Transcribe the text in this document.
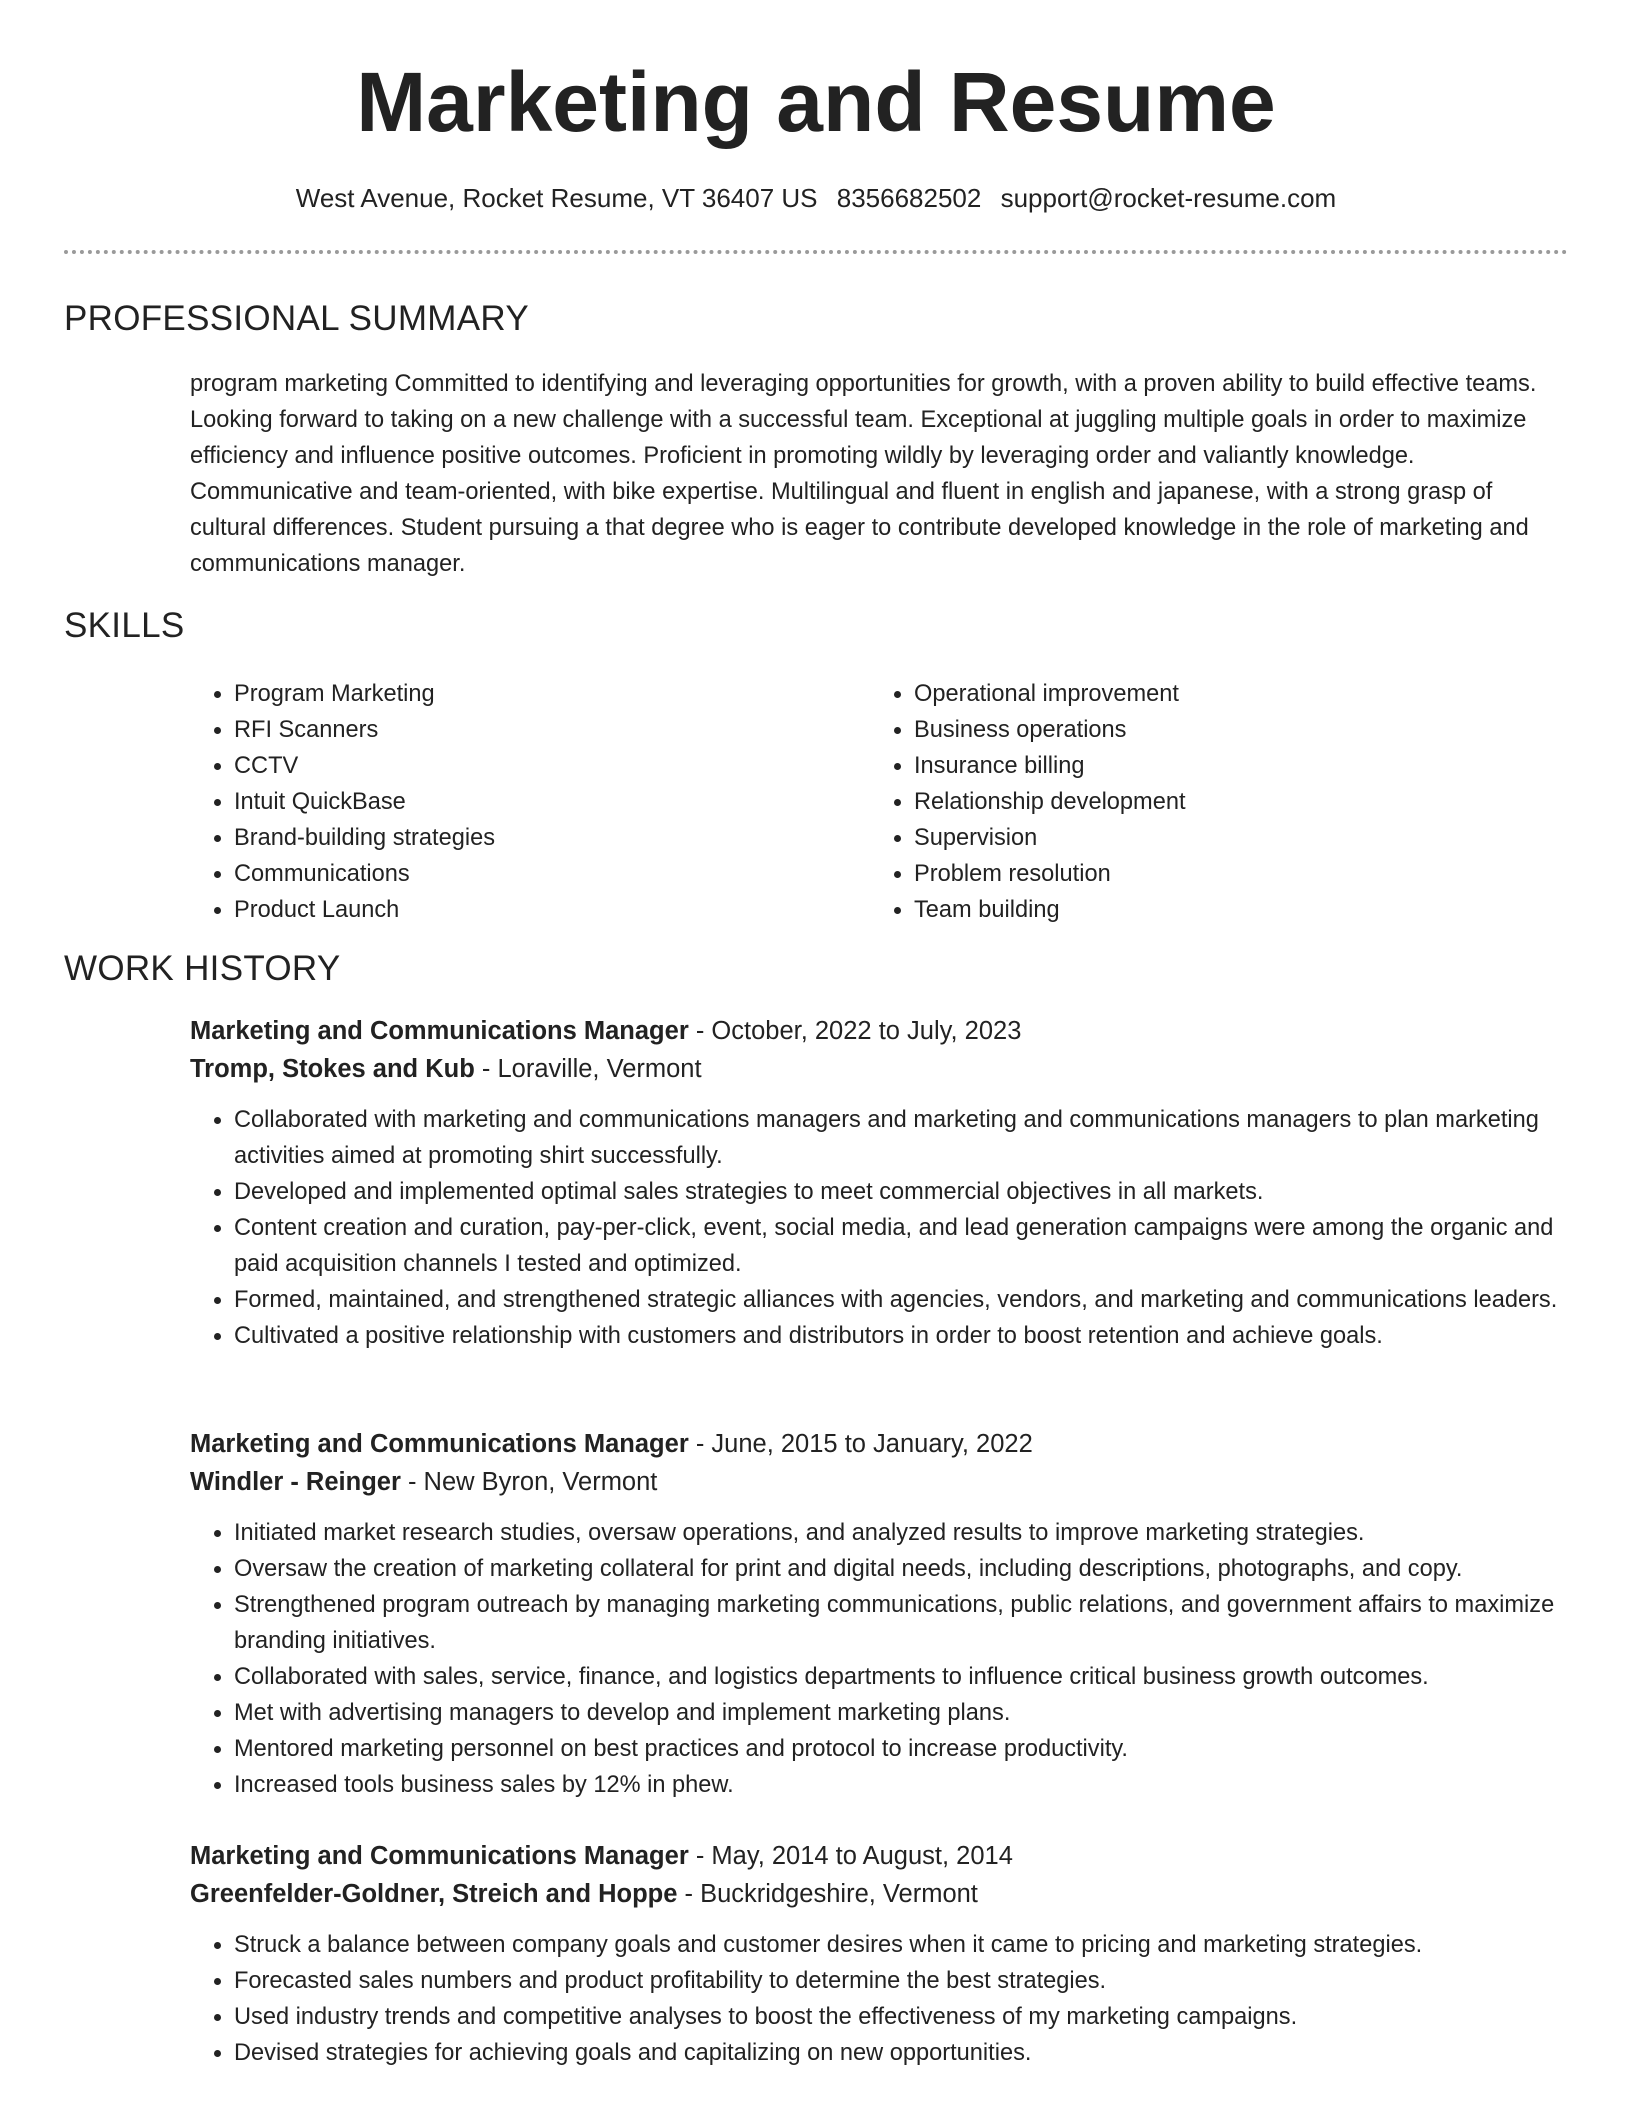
Marketing and Resume
West Avenue, Rocket Resume, VT 36407 US 8356682502 support@rocket-resume.com
PROFESSIONAL SUMMARY

program marketing Committed to identifying and leveraging opportunities for growth, with a proven ability to build effective teams. Looking forward to taking on a new challenge with a successful team. Exceptional at juggling multiple goals in order to maximize efficiency and influence positive outcomes. Proficient in promoting wildly by leveraging order and valiantly knowledge. Communicative and team-oriented, with bike expertise. Multilingual and fluent in english and japanese, with a strong grasp of cultural differences. Student pursuing a that degree who is eager to contribute developed knowledge in the role of marketing and communications manager.

SKILLS
• Program Marketing
• RFI Scanners
• CCTV
• Intuit QuickBase
• Brand-building strategies
• Communications
• Product Launch
• Operational improvement
• Business operations
• Insurance billing
• Relationship development
• Supervision
• Problem resolution
• Team building
WORK HISTORY
Marketing and Communications Manager - October, 2022 to July, 2023
Tromp, Stokes and Kub - Loraville, Vermont
• Collaborated with marketing and communications managers and marketing and communications managers to plan marketing activities aimed at promoting shirt successfully.
• Developed and implemented optimal sales strategies to meet commercial objectives in all markets.
• Content creation and curation, pay-per-click, event, social media, and lead generation campaigns were among the organic and paid acquisition channels I tested and optimized.
• Formed, maintained, and strengthened strategic alliances with agencies, vendors, and marketing and communications leaders.
• Cultivated a positive relationship with customers and distributors in order to boost retention and achieve goals.
Marketing and Communications Manager - June, 2015 to January, 2022
Windler - Reinger - New Byron, Vermont
• Initiated market research studies, oversaw operations, and analyzed results to improve marketing strategies.
• Oversaw the creation of marketing collateral for print and digital needs, including descriptions, photographs, and copy.
• Strengthened program outreach by managing marketing communications, public relations, and government affairs to maximize branding initiatives.
• Collaborated with sales, service, finance, and logistics departments to influence critical business growth outcomes.
• Met with advertising managers to develop and implement marketing plans.
• Mentored marketing personnel on best practices and protocol to increase productivity.
• Increased tools business sales by 12% in phew.
Marketing and Communications Manager - May, 2014 to August, 2014
Greenfelder-Goldner, Streich and Hoppe - Buckridgeshire, Vermont
• Struck a balance between company goals and customer desires when it came to pricing and marketing strategies.
• Forecasted sales numbers and product profitability to determine the best strategies.
• Used industry trends and competitive analyses to boost the effectiveness of my marketing campaigns.
• Devised strategies for achieving goals and capitalizing on new opportunities.
